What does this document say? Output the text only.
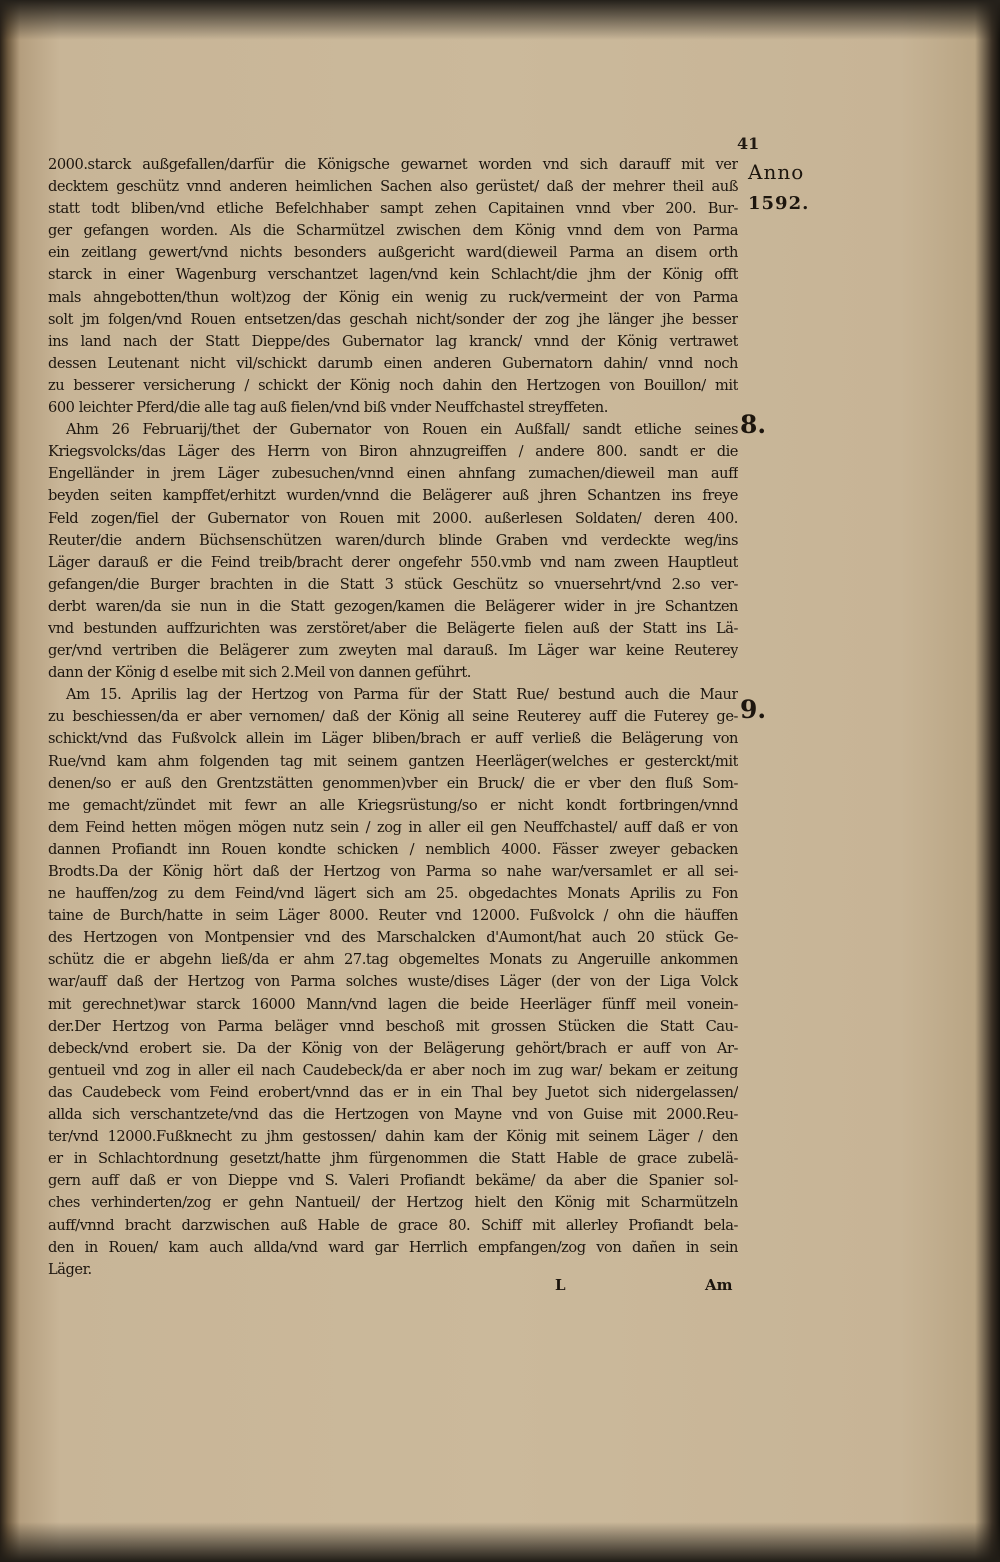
41
Anno
1592.
8.
9.
2000.starck außgefallen/darfür die Königsche gewarnet worden vnd sich darauff mit ver
decktem geschütz vnnd anderen heimlichen Sachen also gerüstet/ daß der mehrer theil auß
statt todt bliben/vnd etliche Befelchhaber sampt zehen Capitainen vnnd vber 200. Bur-
ger gefangen worden. Als die Scharmützel zwischen dem König vnnd dem von Parma
ein zeitlang gewert/vnd nichts besonders außgericht ward(dieweil Parma an disem orth
starck in einer Wagenburg verschantzet lagen/vnd kein Schlacht/die jhm der König offt
mals ahngebotten/thun wolt)zog der König ein wenig zu ruck/vermeint der von Parma
solt jm folgen/vnd Rouen entsetzen/das geschah nicht/sonder der zog jhe länger jhe besser
ins land nach der Statt Dieppe/des Gubernator lag kranck/ vnnd der König vertrawet
dessen Leutenant nicht vil/schickt darumb einen anderen Gubernatorn dahin/ vnnd noch
zu besserer versicherung / schickt der König noch dahin den Hertzogen von Bouillon/ mit
600 leichter Pferd/die alle tag auß fielen/vnd biß vnder Neuffchastel streyffeten.
Ahm 26 Februarij/thet der Gubernator von Rouen ein Außfall/ sandt etliche seines
Kriegsvolcks/das Läger des Herrn von Biron ahnzugreiffen / andere 800. sandt er die
Engelländer in jrem Läger zubesuchen/vnnd einen ahnfang zumachen/dieweil man auff
beyden seiten kampffet/erhitzt wurden/vnnd die Belägerer auß jhren Schantzen ins freye
Feld zogen/fiel der Gubernator von Rouen mit 2000. außerlesen Soldaten/ deren 400.
Reuter/die andern Büchsenschützen waren/durch blinde Graben vnd verdeckte weg/ins
Läger darauß er die Feind treib/bracht derer ongefehr 550.vmb vnd nam zween Hauptleut
gefangen/die Burger brachten in die Statt 3 stück Geschütz so vnuersehrt/vnd 2.so ver-
derbt waren/da sie nun in die Statt gezogen/kamen die Belägerer wider in jre Schantzen
vnd bestunden auffzurichten was zerstöret/aber die Belägerte fielen auß der Statt ins Lä-
ger/vnd vertriben die Belägerer zum zweyten mal darauß. Im Läger war keine Reuterey
dann der König d eselbe mit sich 2.Meil von dannen geführt.
Am 15. Aprilis lag der Hertzog von Parma für der Statt Rue/ bestund auch die Maur
zu beschiessen/da er aber vernomen/ daß der König all seine Reuterey auff die Futerey ge-
schickt/vnd das Fußvolck allein im Läger bliben/brach er auff verließ die Belägerung von
Rue/vnd kam ahm folgenden tag mit seinem gantzen Heerläger(welches er gesterckt/mit
denen/so er auß den Grentzstätten genommen)vber ein Bruck/ die er vber den fluß Som-
me gemacht/zündet mit fewr an alle Kriegsrüstung/so er nicht kondt fortbringen/vnnd
dem Feind hetten mögen mögen nutz sein / zog in aller eil gen Neuffchastel/ auff daß er von
dannen Profiandt inn Rouen kondte schicken / nemblich 4000. Fässer zweyer gebacken
Brodts.Da der König hört daß der Hertzog von Parma so nahe war/versamlet er all sei-
ne hauffen/zog zu dem Feind/vnd lägert sich am 25. obgedachtes Monats Aprilis zu Fon
taine de Burch/hatte in seim Läger 8000. Reuter vnd 12000. Fußvolck / ohn die häuffen
des Hertzogen von Montpensier vnd des Marschalcken d'Aumont/hat auch 20 stück Ge-
schütz die er abgehn ließ/da er ahm 27.tag obgemeltes Monats zu Angeruille ankommen
war/auff daß der Hertzog von Parma solches wuste/dises Läger (der von der Liga Volck
mit gerechnet)war starck 16000 Mann/vnd lagen die beide Heerläger fünff meil vonein-
der.Der Hertzog von Parma beläger vnnd beschoß mit grossen Stücken die Statt Cau-
debeck/vnd erobert sie. Da der König von der Belägerung gehört/brach er auff von Ar-
gentueil vnd zog in aller eil nach Caudebeck/da er aber noch im zug war/ bekam er zeitung
das Caudebeck vom Feind erobert/vnnd das er in ein Thal bey Juetot sich nidergelassen/
allda sich verschantzete/vnd das die Hertzogen von Mayne vnd von Guise mit 2000.Reu-
ter/vnd 12000.Fußknecht zu jhm gestossen/ dahin kam der König mit seinem Läger / den
er in Schlachtordnung gesetzt/hatte jhm fürgenommen die Statt Hable de grace zubelä-
gern auff daß er von Dieppe vnd S. Valeri Profiandt bekäme/ da aber die Spanier sol-
ches verhinderten/zog er gehn Nantueil/ der Hertzog hielt den König mit Scharmützeln
auff/vnnd bracht darzwischen auß Hable de grace 80. Schiff mit allerley Profiandt bela-
den in Rouen/ kam auch allda/vnd ward gar Herrlich empfangen/zog von dañen in sein
Läger.
L	Am
